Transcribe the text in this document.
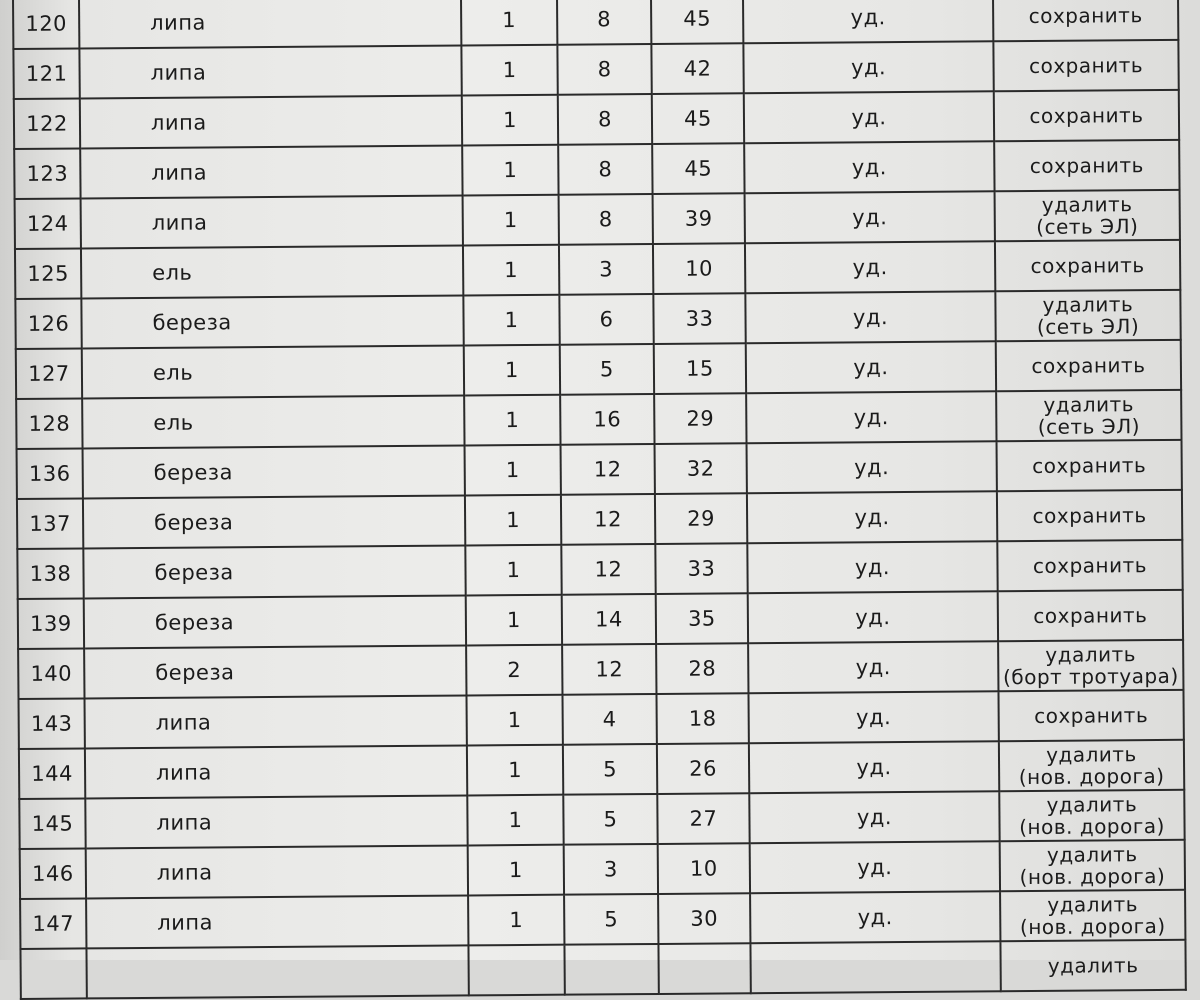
120	липа	1	8	45	уд.	сохранить

121	липа	1	8	42	уд.	сохранить

122	липа	1	8	45	уд.	сохранить

123	липа	1	8	45	уд.	сохранить

124	липа	1	8	39	уд.	удалить
(сеть ЭЛ)

125	ель	1	3	10	уд.	сохранить

126	береза	1	6	33	уд.	удалить
(сеть ЭЛ)

127	ель	1	5	15	уд.	сохранить

128	ель	1	16	29	уд.	удалить
(сеть ЭЛ)

136	береза	1	12	32	уд.	сохранить

137	береза	1	12	29	уд.	сохранить

138	береза	1	12	33	уд.	сохранить

139	береза	1	14	35	уд.	сохранить

140	береза	2	12	28	уд.	удалить
(борт тротуара)

143	липа	1	4	18	уд.	сохранить

144	липа	1	5	26	уд.	удалить
(нов. дорога)

145	липа	1	5	27	уд.	удалить
(нов. дорога)

146	липа	1	3	10	уд.	удалить
(нов. дорога)

147	липа	1	5	30	уд.	удалить
(нов. дорога)

						удалить
